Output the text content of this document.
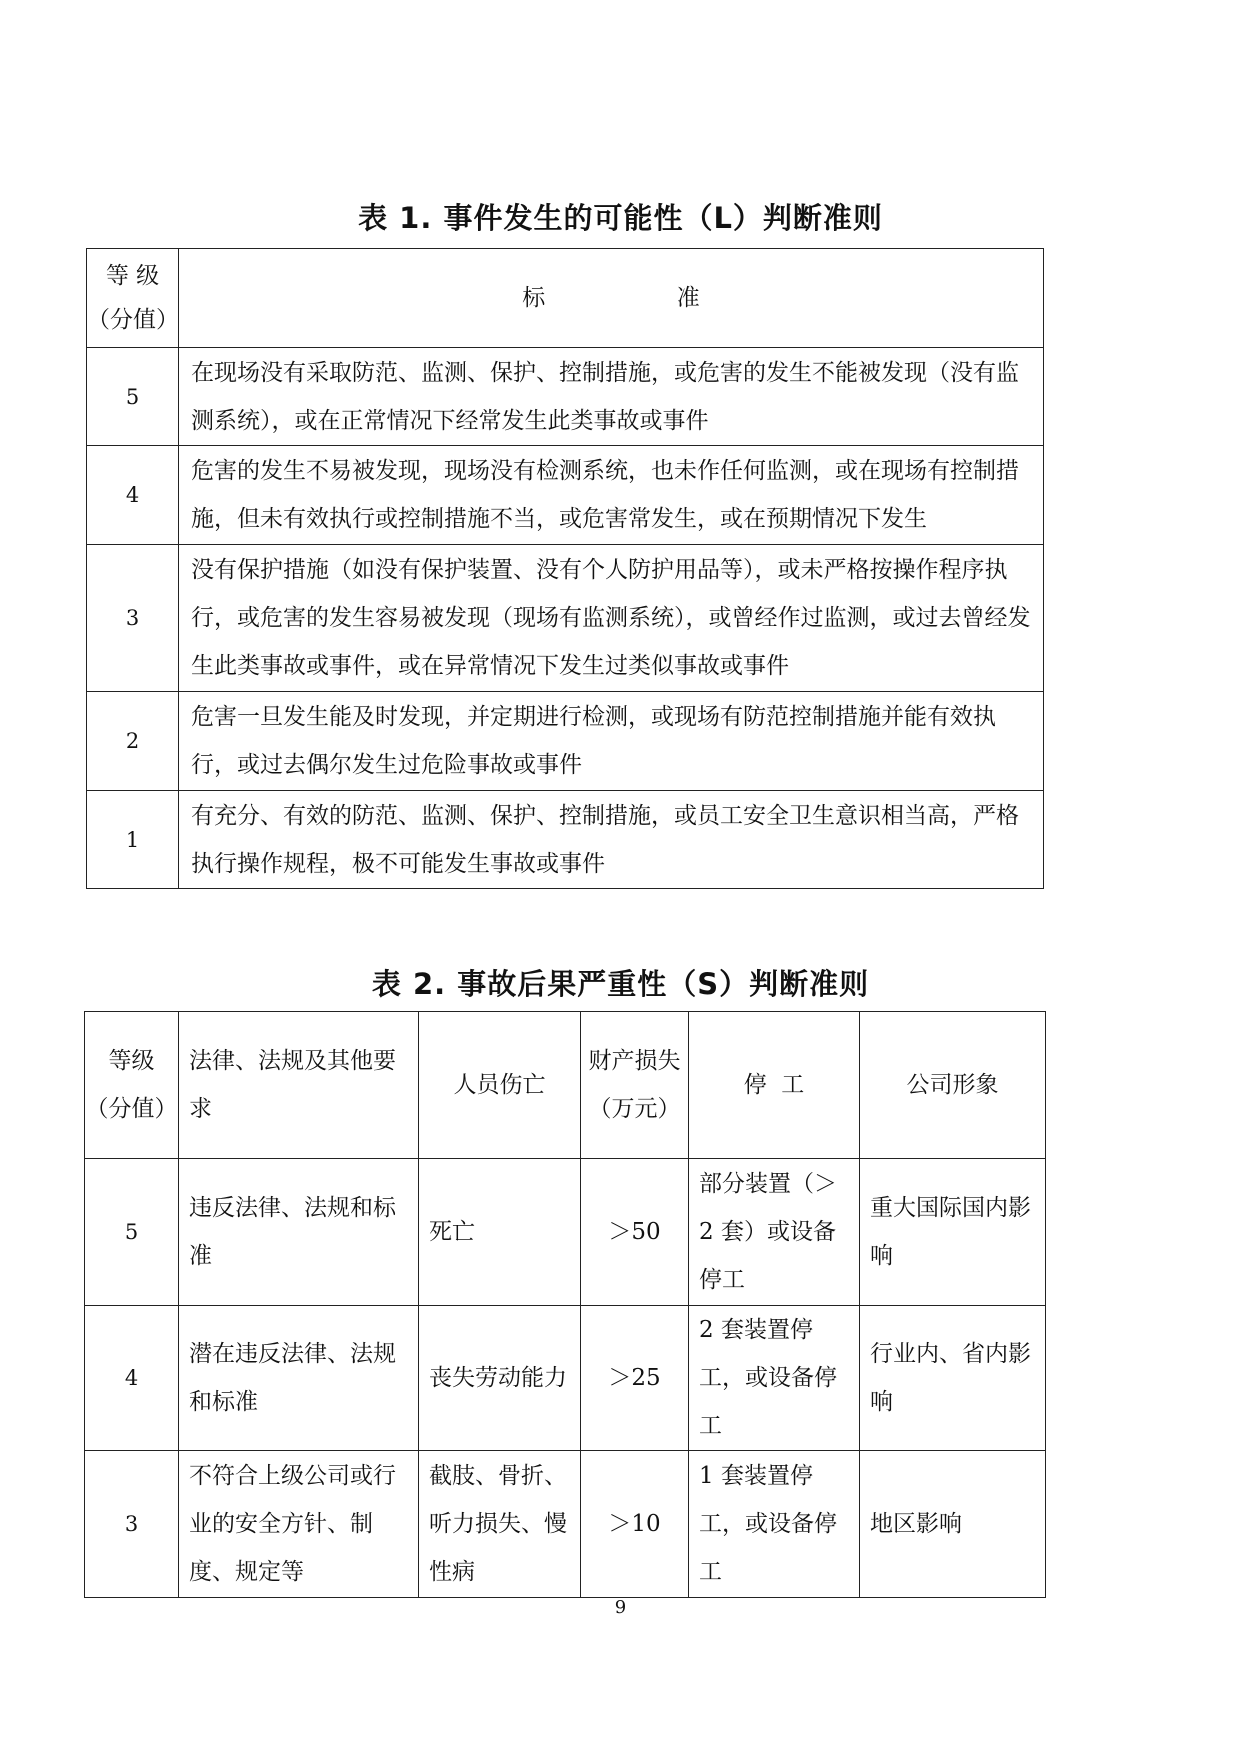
表 1. 事件发生的可能性（L）判断准则
等 级
（分值）	标                  准
5	在现场没有采取防范、监测、保护、控制措施，或危害的发生不能被发现（没有监测系统），或在正常情况下经常发生此类事故或事件
4	危害的发生不易被发现，现场没有检测系统，也未作任何监测，或在现场有控制措施，但未有效执行或控制措施不当，或危害常发生，或在预期情况下发生
3	没有保护措施（如没有保护装置、没有个人防护用品等），或未严格按操作程序执行，或危害的发生容易被发现（现场有监测系统），或曾经作过监测，或过去曾经发生此类事故或事件，或在异常情况下发生过类似事故或事件
2	危害一旦发生能及时发现，并定期进行检测，或现场有防范控制措施并能有效执行，或过去偶尔发生过危险事故或事件
1	有充分、有效的防范、监测、保护、控制措施，或员工安全卫生意识相当高，严格执行操作规程，极不可能发生事故或事件
表 2. 事故后果严重性（S）判断准则
等级
（分值）	法律、法规及其他要求	人员伤亡	财产损失（万元）	停  工	公司形象
5	违反法律、法规和标准	死亡	＞50	部分装置（＞2 套）或设备停工	重大国际国内影响
4	潜在违反法律、法规和标准	丧失劳动能力	＞25	2 套装置停工，或设备停工	行业内、省内影响
3	不符合上级公司或行业的安全方针、制度、规定等	截肢、骨折、听力损失、慢性病	＞10	1 套装置停工，或设备停工	地区影响
9
